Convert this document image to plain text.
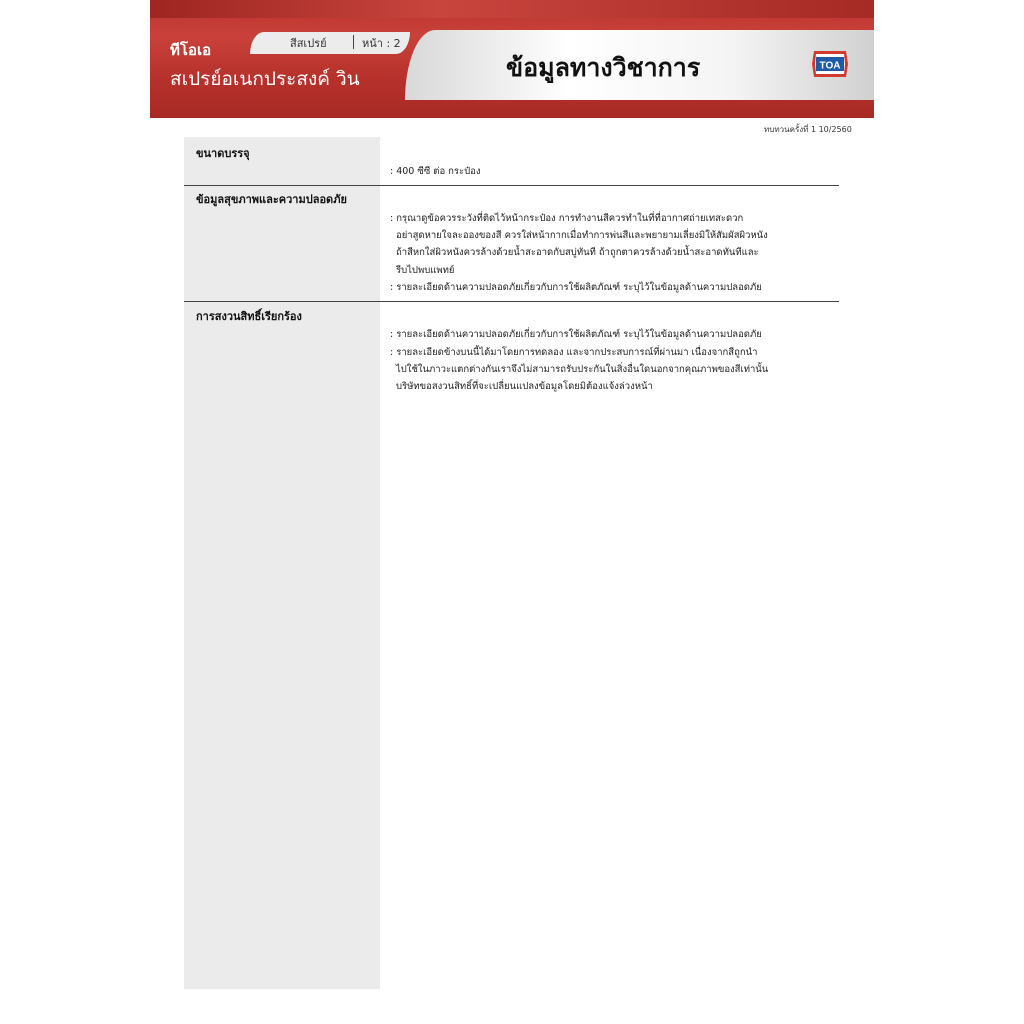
สีสเปรย์	หน้า : 2
ทีโอเอ
สเปรย์อเนกประสงค์ วิน	ข้อมูลทางวิชาการ	TOA
ทบทวนครั้งที่ 1 10/2560
ขนาดบรรจุ
: 400 ซีซี ต่อ กระป๋อง
ข้อมูลสุขภาพและความปลอดภัย
: กรุณาดูข้อควรระวังที่ติดไว้หน้ากระป๋อง การทำงานสีควรทำในที่ที่อากาศถ่ายเทสะดวก
อย่าสูดหายใจละอองของสี ควรใส่หน้ากากเมื่อทำการพ่นสีและพยายามเลี่ยงมิให้สัมผัสผิวหนัง
ถ้าสีหกใส่ผิวหนังควรล้างด้วยน้ำสะอาดกับสบู่ทันที ถ้าถูกตาควรล้างด้วยน้ำสะอาดทันทีและ
รีบไปพบแพทย์
: รายละเอียดด้านความปลอดภัยเกี่ยวกับการใช้ผลิตภัณฑ์ ระบุไว้ในข้อมูลด้านความปลอดภัย
การสงวนสิทธิ์เรียกร้อง
: รายละเอียดด้านความปลอดภัยเกี่ยวกับการใช้ผลิตภัณฑ์ ระบุไว้ในข้อมูลด้านความปลอดภัย
: รายละเอียดข้างบนนี้ได้มาโดยการทดลอง และจากประสบการณ์ที่ผ่านมา เนื่องจากสีถูกนำ
ไปใช้ในภาวะแตกต่างกันเราจึงไม่สามารถรับประกันในสิ่งอื่นใดนอกจากคุณภาพของสีเท่านั้น
บริษัทขอสงวนสิทธิ์ที่จะเปลี่ยนแปลงข้อมูลโดยมิต้องแจ้งล่วงหน้า
